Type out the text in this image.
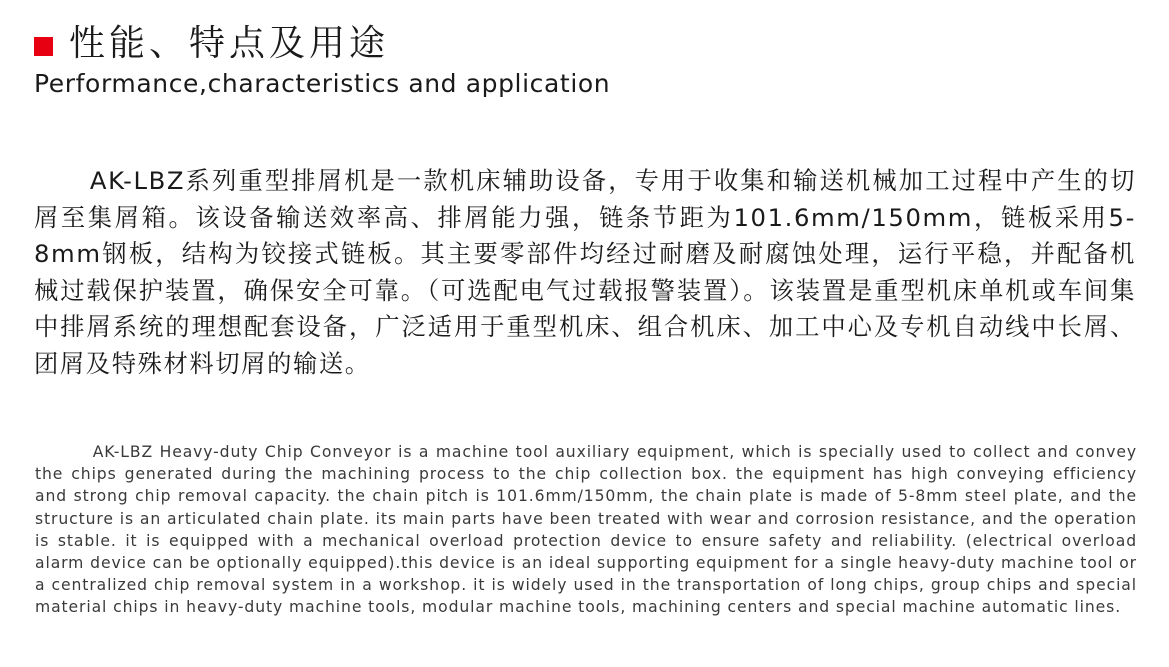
性能、特点及用途
Performance,characteristics and application

AK-LBZ系列重型排屑机是一款机床辅助设备，专用于收集和输送机械加工过程中产生的切屑至集屑箱。该设备输送效率高、排屑能力强，链条节距为101.6mm/150mm，链板采用5-8mm钢板，结构为铰接式链板。其主要零部件均经过耐磨及耐腐蚀处理，运行平稳，并配备机械过载保护装置，确保安全可靠。（可选配电气过载报警装置）。该装置是重型机床单机或车间集中排屑系统的理想配套设备，广泛适用于重型机床、组合机床、加工中心及专机自动线中长屑、团屑及特殊材料切屑的输送。

AK-LBZ Heavy-duty Chip Conveyor is a machine tool auxiliary equipment, which is specially used to collect and convey the chips generated during the machining process to the chip collection box. the equipment has high conveying efficiency and strong chip removal capacity. the chain pitch is 101.6mm/150mm, the chain plate is made of 5-8mm steel plate, and the structure is an articulated chain plate. its main parts have been treated with wear and corrosion resistance, and the operation is stable. it is equipped with a mechanical overload protection device to ensure safety and reliability. (electrical overload alarm device can be optionally equipped).this device is an ideal supporting equipment for a single heavy-duty machine tool or a centralized chip removal system in a workshop. it is widely used in the transportation of long chips, group chips and special material chips in heavy-duty machine tools, modular machine tools, machining centers and special machine automatic lines.
